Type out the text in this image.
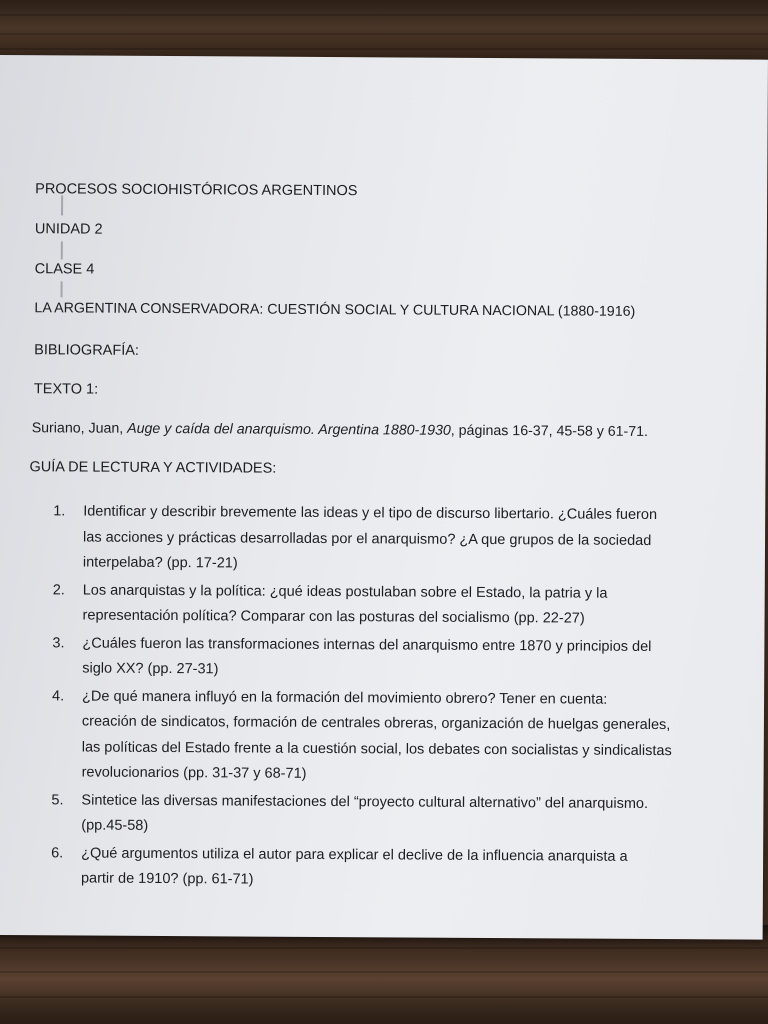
PROCESOS SOCIOHISTÓRICOS ARGENTINOS
UNIDAD 2
CLASE 4
LA ARGENTINA CONSERVADORA: CUESTIÓN SOCIAL Y CULTURA NACIONAL (1880-1916)
BIBLIOGRAFÍA:
TEXTO 1:
Suriano, Juan, Auge y caída del anarquismo. Argentina 1880-1930, páginas 16-37, 45-58 y 61-71.
GUÍA DE LECTURA Y ACTIVIDADES:
1. Identificar y describir brevemente las ideas y el tipo de discurso libertario. ¿Cuáles fueron
las acciones y prácticas desarrolladas por el anarquismo? ¿A que grupos de la sociedad
interpelaba? (pp. 17-21)
2. Los anarquistas y la política: ¿qué ideas postulaban sobre el Estado, la patria y la
representación política? Comparar con las posturas del socialismo (pp. 22-27)
3. ¿Cuáles fueron las transformaciones internas del anarquismo entre 1870 y principios del
siglo XX? (pp. 27-31)
4. ¿De qué manera influyó en la formación del movimiento obrero? Tener en cuenta:
creación de sindicatos, formación de centrales obreras, organización de huelgas generales,
las políticas del Estado frente a la cuestión social, los debates con socialistas y sindicalistas
revolucionarios (pp. 31-37 y 68-71)
5. Sintetice las diversas manifestaciones del “proyecto cultural alternativo” del anarquismo.
(pp.45-58)
6. ¿Qué argumentos utiliza el autor para explicar el declive de la influencia anarquista a
partir de 1910? (pp. 61-71)
